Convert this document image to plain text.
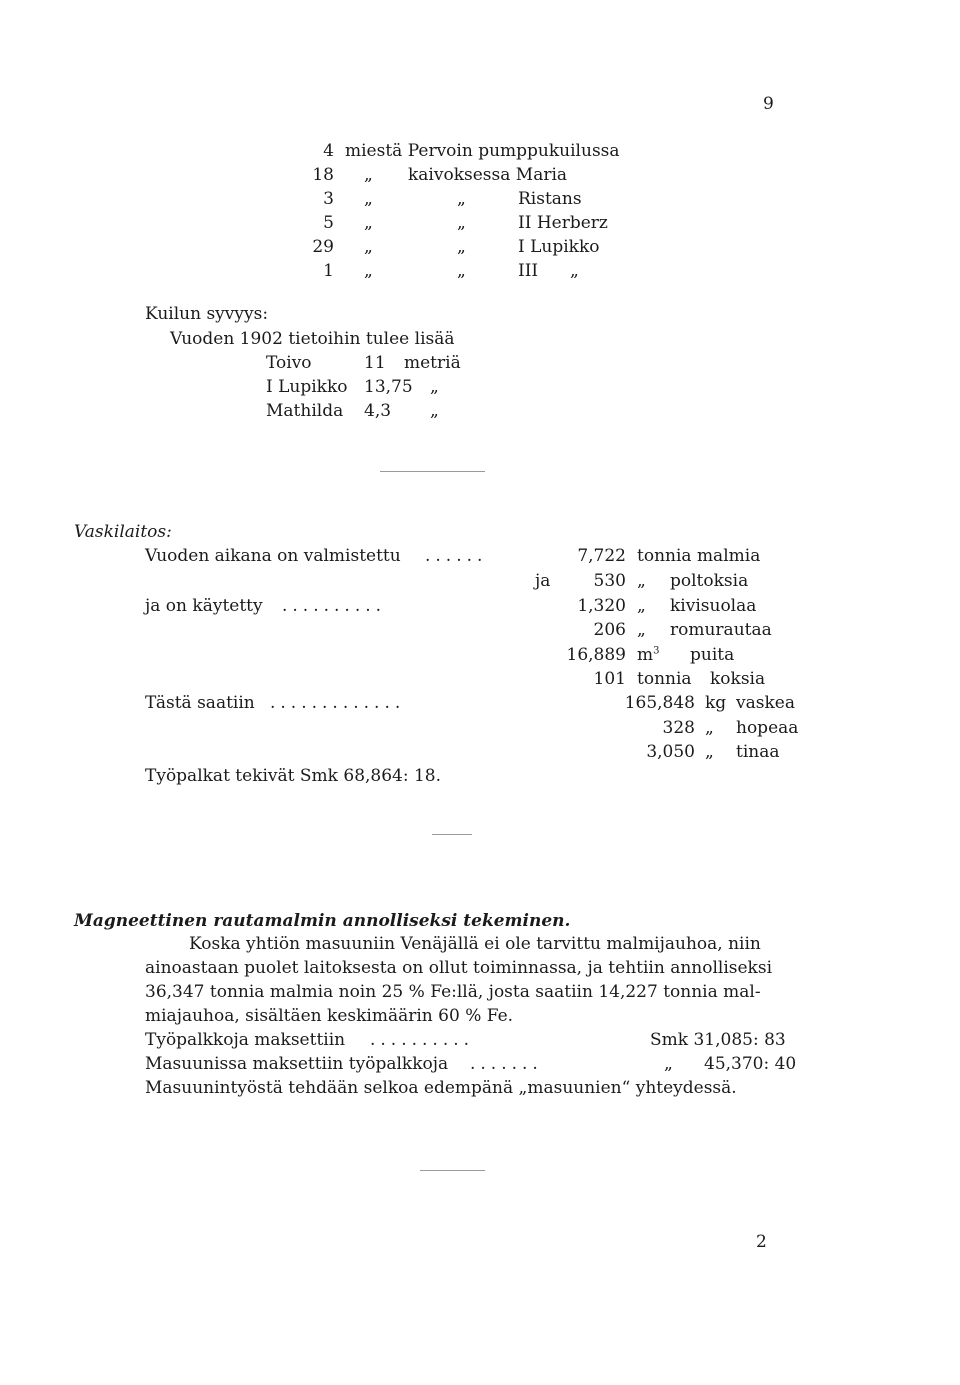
9
4 miestä Pervoin pumppukuilussa
18 „ kaivoksessa Maria
3 „	„	Ristans
5 „	„	II Herberz
29 „	„	I Lupikko
1 „	„	III „
Kuilun syvyys:
Vuoden 1902 tietoihin tulee lisää
Toivo	11 metriä
I Lupikko 13,75 „
Mathilda 4,3 „
Vaskilaitos:
Vuoden aikana on valmistettu ......	7,722 tonnia malmia
ja	530 „ poltoksia
ja on käytetty ..........	1,320 „ kivisuolaa
206 „ romurautaa
16,889 $m^3$ puita
101 tonnia koksia
Tästä saatiin .............	165,848 kg vaskea
328 „ hopeaa
3,050 „ tinaa
Työpalkat tekivät Smk 68,864: 18.
Magneettinen rautamalmin annolliseksi tekeminen.
Koska yhtiön masuuniin Venäjällä ei ole tarvittu malmijauhoa, niin
ainoastaan puolet laitoksesta on ollut toiminnassa, ja tehtiin annolliseksi
36,347 tonnia malmia noin 25 % Fe:llä, josta saatiin 14,227 tonnia mal-
miajauhoa, sisältäen keskimäärin 60 % Fe.
Työpalkkoja maksettiin ..........	Smk 31,085: 83
Masuunissa maksettiin työpalkkoja .......	„ 45,370: 40
Masuunintyöstä tehdään selkoa edempänä „masuunien“ yhteydessä.
2
